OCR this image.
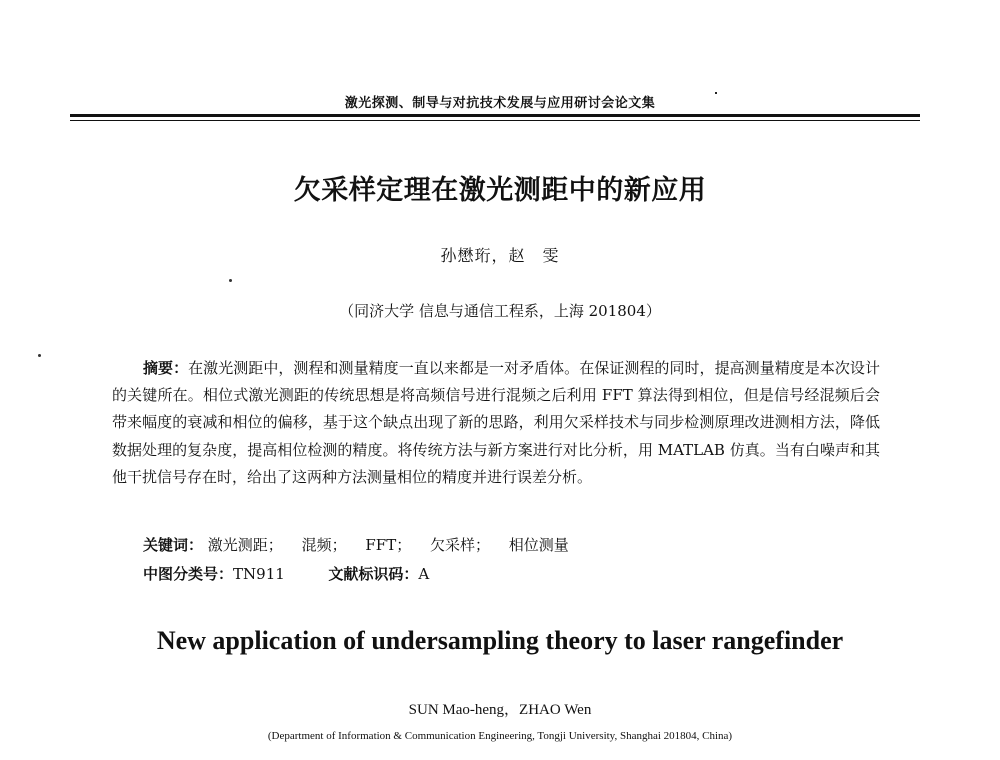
激光探测、制导与对抗技术发展与应用研讨会论文集
欠采样定理在激光测距中的新应用
孙懋珩，赵　雯
（同济大学 信息与通信工程系，上海 201804）

摘要：在激光测距中，测程和测量精度一直以来都是一对矛盾体。在保证测程的同时，提高测量精度是本次设计的关键所在。相位式激光测距的传统思想是将高频信号进行混频之后利用 FFT 算法得到相位，但是信号经混频后会带来幅度的衰减和相位的偏移，基于这个缺点出现了新的思路，利用欠采样技术与同步检测原理改进测相方法，降低数据处理的复杂度，提高相位检测的精度。将传统方法与新方案进行对比分析，用 MATLAB 仿真。当有白噪声和其他干扰信号存在时，给出了这两种方法测量相位的精度并进行误差分析。

关键词： 激光测距； 混频； FFT； 欠采样； 相位测量
中图分类号：TN911	文献标识码：A
New application of undersampling theory to laser rangefinder
SUN Mao-heng，ZHAO Wen
(Department of Information & Communication Engineering, Tongji University, Shanghai 201804, China)
